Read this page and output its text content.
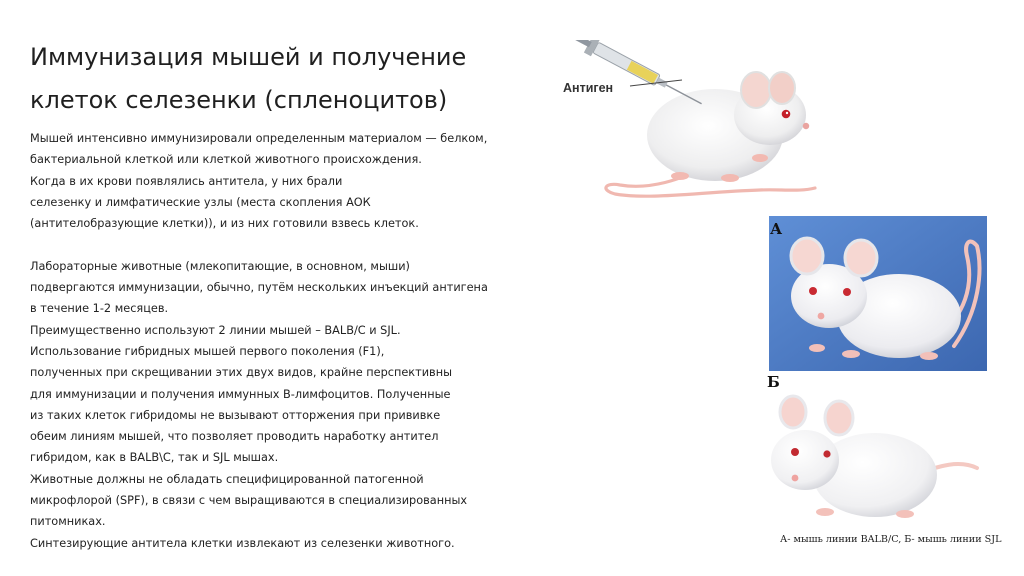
Иммунизация мышей и получение
клеток селезенки (спленоцитов)
Мышей интенсивно иммунизировали определенным материалом — белком,
бактериальной клеткой или клеткой животного происхождения.
Когда в их крови появлялись антитела, у них брали
селезенку и лимфатические узлы (места скопления АОК
(антителобразующие клетки)), и из них готовили взвесь клеток.
Лабораторные животные (млекопитающие, в основном, мыши)
подвергаются иммунизации, обычно, путём нескольких инъекций антигена
в течение 1-2 месяцев.
Преимущественно используют 2 линии мышей – BALB/C и SJL.
Использование гибридных мышей первого поколения (F1),
полученных при скрещивании этих двух видов, крайне перспективны
для иммунизации и получения иммунных В-лимфоцитов. Полученные
из таких клеток гибридомы не вызывают отторжения при прививке
обеим линиям мышей, что позволяет проводить наработку антител
гибридом, как в BALB\C, так и SJL мышах.
Животные должны не обладать специфицированной патогенной
микрофлорой (SPF), в связи с чем выращиваются в специализированных
питомниках.
Синтезирующие антитела клетки извлекают из селезенки животного.
Антиген
А
Б
А- мышь линии BALB/C, Б- мышь линии SJL
